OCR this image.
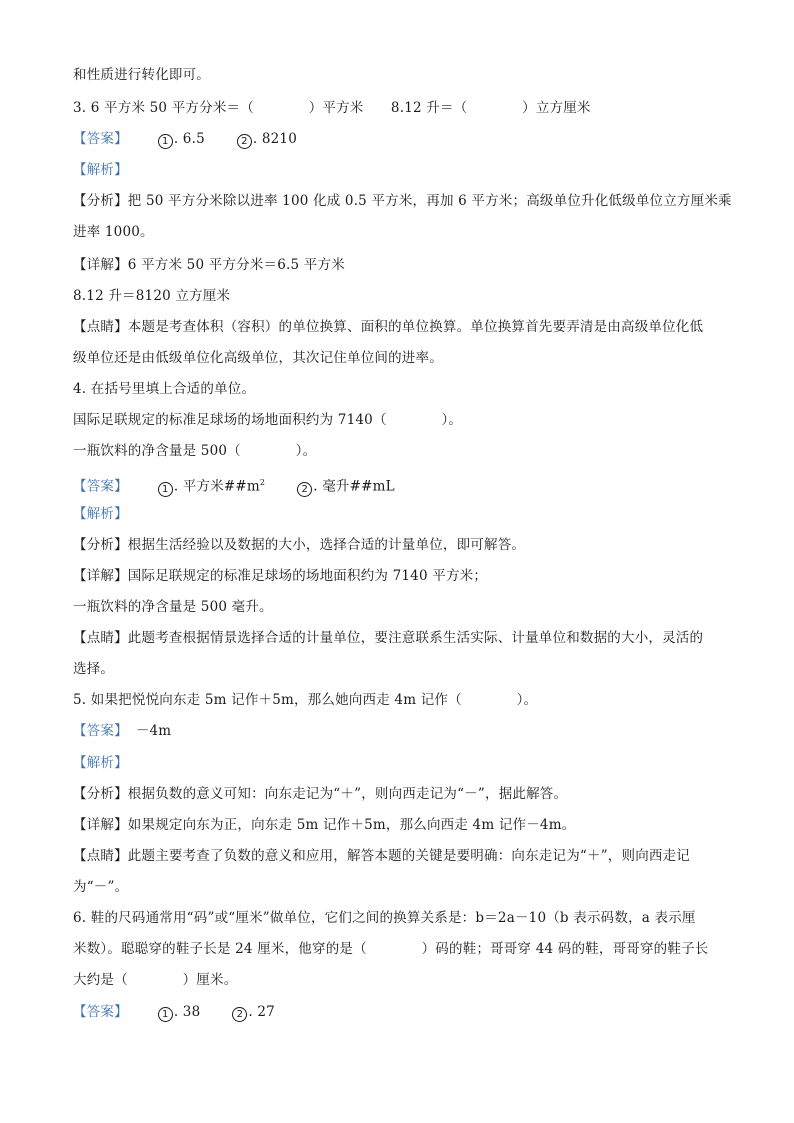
和性质进行转化即可。
3. 6 平方米 50 平方分米＝（　　　　）平方米　　8.12 升＝（　　　　）立方厘米
【答案】	1 . 6.5	2 . 8210
【解析】
【分析】把 50 平方分米除以进率 100 化成 0.5 平方米，再加 6 平方米；高级单位升化低级单位立方厘米乘
进率 1000。
【详解】6 平方米 50 平方分米＝6.5 平方米
8.12 升＝8120 立方厘米
【点睛】本题是考查体积（容积）的单位换算、面积的单位换算。单位换算首先要弄清是由高级单位化低
级单位还是由低级单位化高级单位，其次记住单位间的进率。
4. 在括号里填上合适的单位。
国际足联规定的标准足球场的场地面积约为 7140（　　　　）。
一瓶饮料的净含量是 500（　　　　）。
【答案】	1 . 平方米$\#\#m^22$ . 毫升##mL
【解析】
【分析】根据生活经验以及数据的大小，选择合适的计量单位，即可解答。
【详解】国际足联规定的标准足球场的场地面积约为 7140 平方米；
一瓶饮料的净含量是 500 毫升。
【点睛】此题考查根据情景选择合适的计量单位，要注意联系生活实际、计量单位和数据的大小，灵活的
选择。
5. 如果把悦悦向东走 5m 记作＋5m，那么她向西走 4m 记作（　　　　）。
【答案】 －4m
【解析】
【分析】根据负数的意义可知：向东走记为“＋”，则向西走记为“－”，据此解答。
【详解】如果规定向东为正，向东走 5m 记作＋5m，那么向西走 4m 记作－4m。
【点睛】此题主要考查了负数的意义和应用，解答本题的关键是要明确：向东走记为“＋”，则向西走记
为“－”。
6. 鞋的尺码通常用“码”或“厘米”做单位，它们之间的换算关系是：b＝2a－10（b 表示码数，a 表示厘
米数）。聪聪穿的鞋子长是 24 厘米，他穿的是（　　　　）码的鞋；哥哥穿 44 码的鞋，哥哥穿的鞋子长
大约是（　　　　）厘米。
【答案】	1 . 38	2 . 27
